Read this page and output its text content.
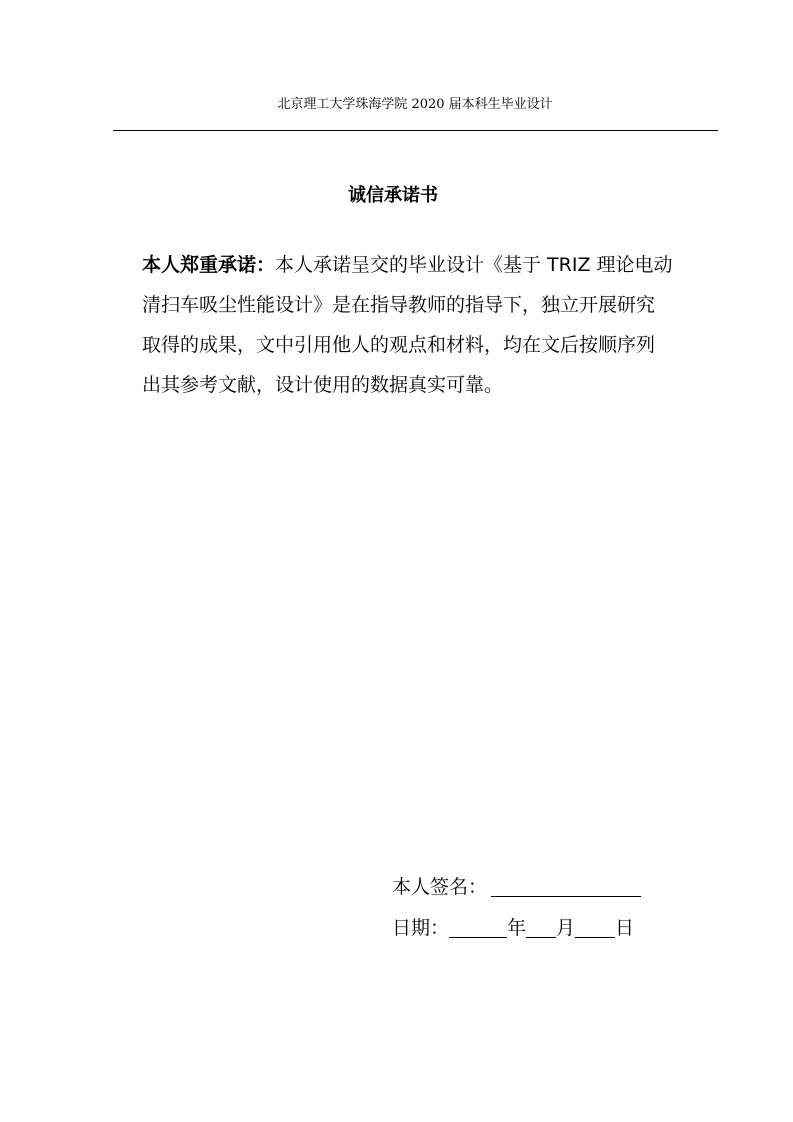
北京理工大学珠海学院 2020 届本科生毕业设计
诚信承诺书

本人郑重承诺：本人承诺呈交的毕业设计《基于 TRIZ 理论电动
清扫车吸尘性能设计》是在指导教师的指导下，独立开展研究
取得的成果，文中引用他人的观点和材料，均在文后按顺序列
出其参考文献，设计使用的数据真实可靠。

本人签名：
日期：	年 月 日
